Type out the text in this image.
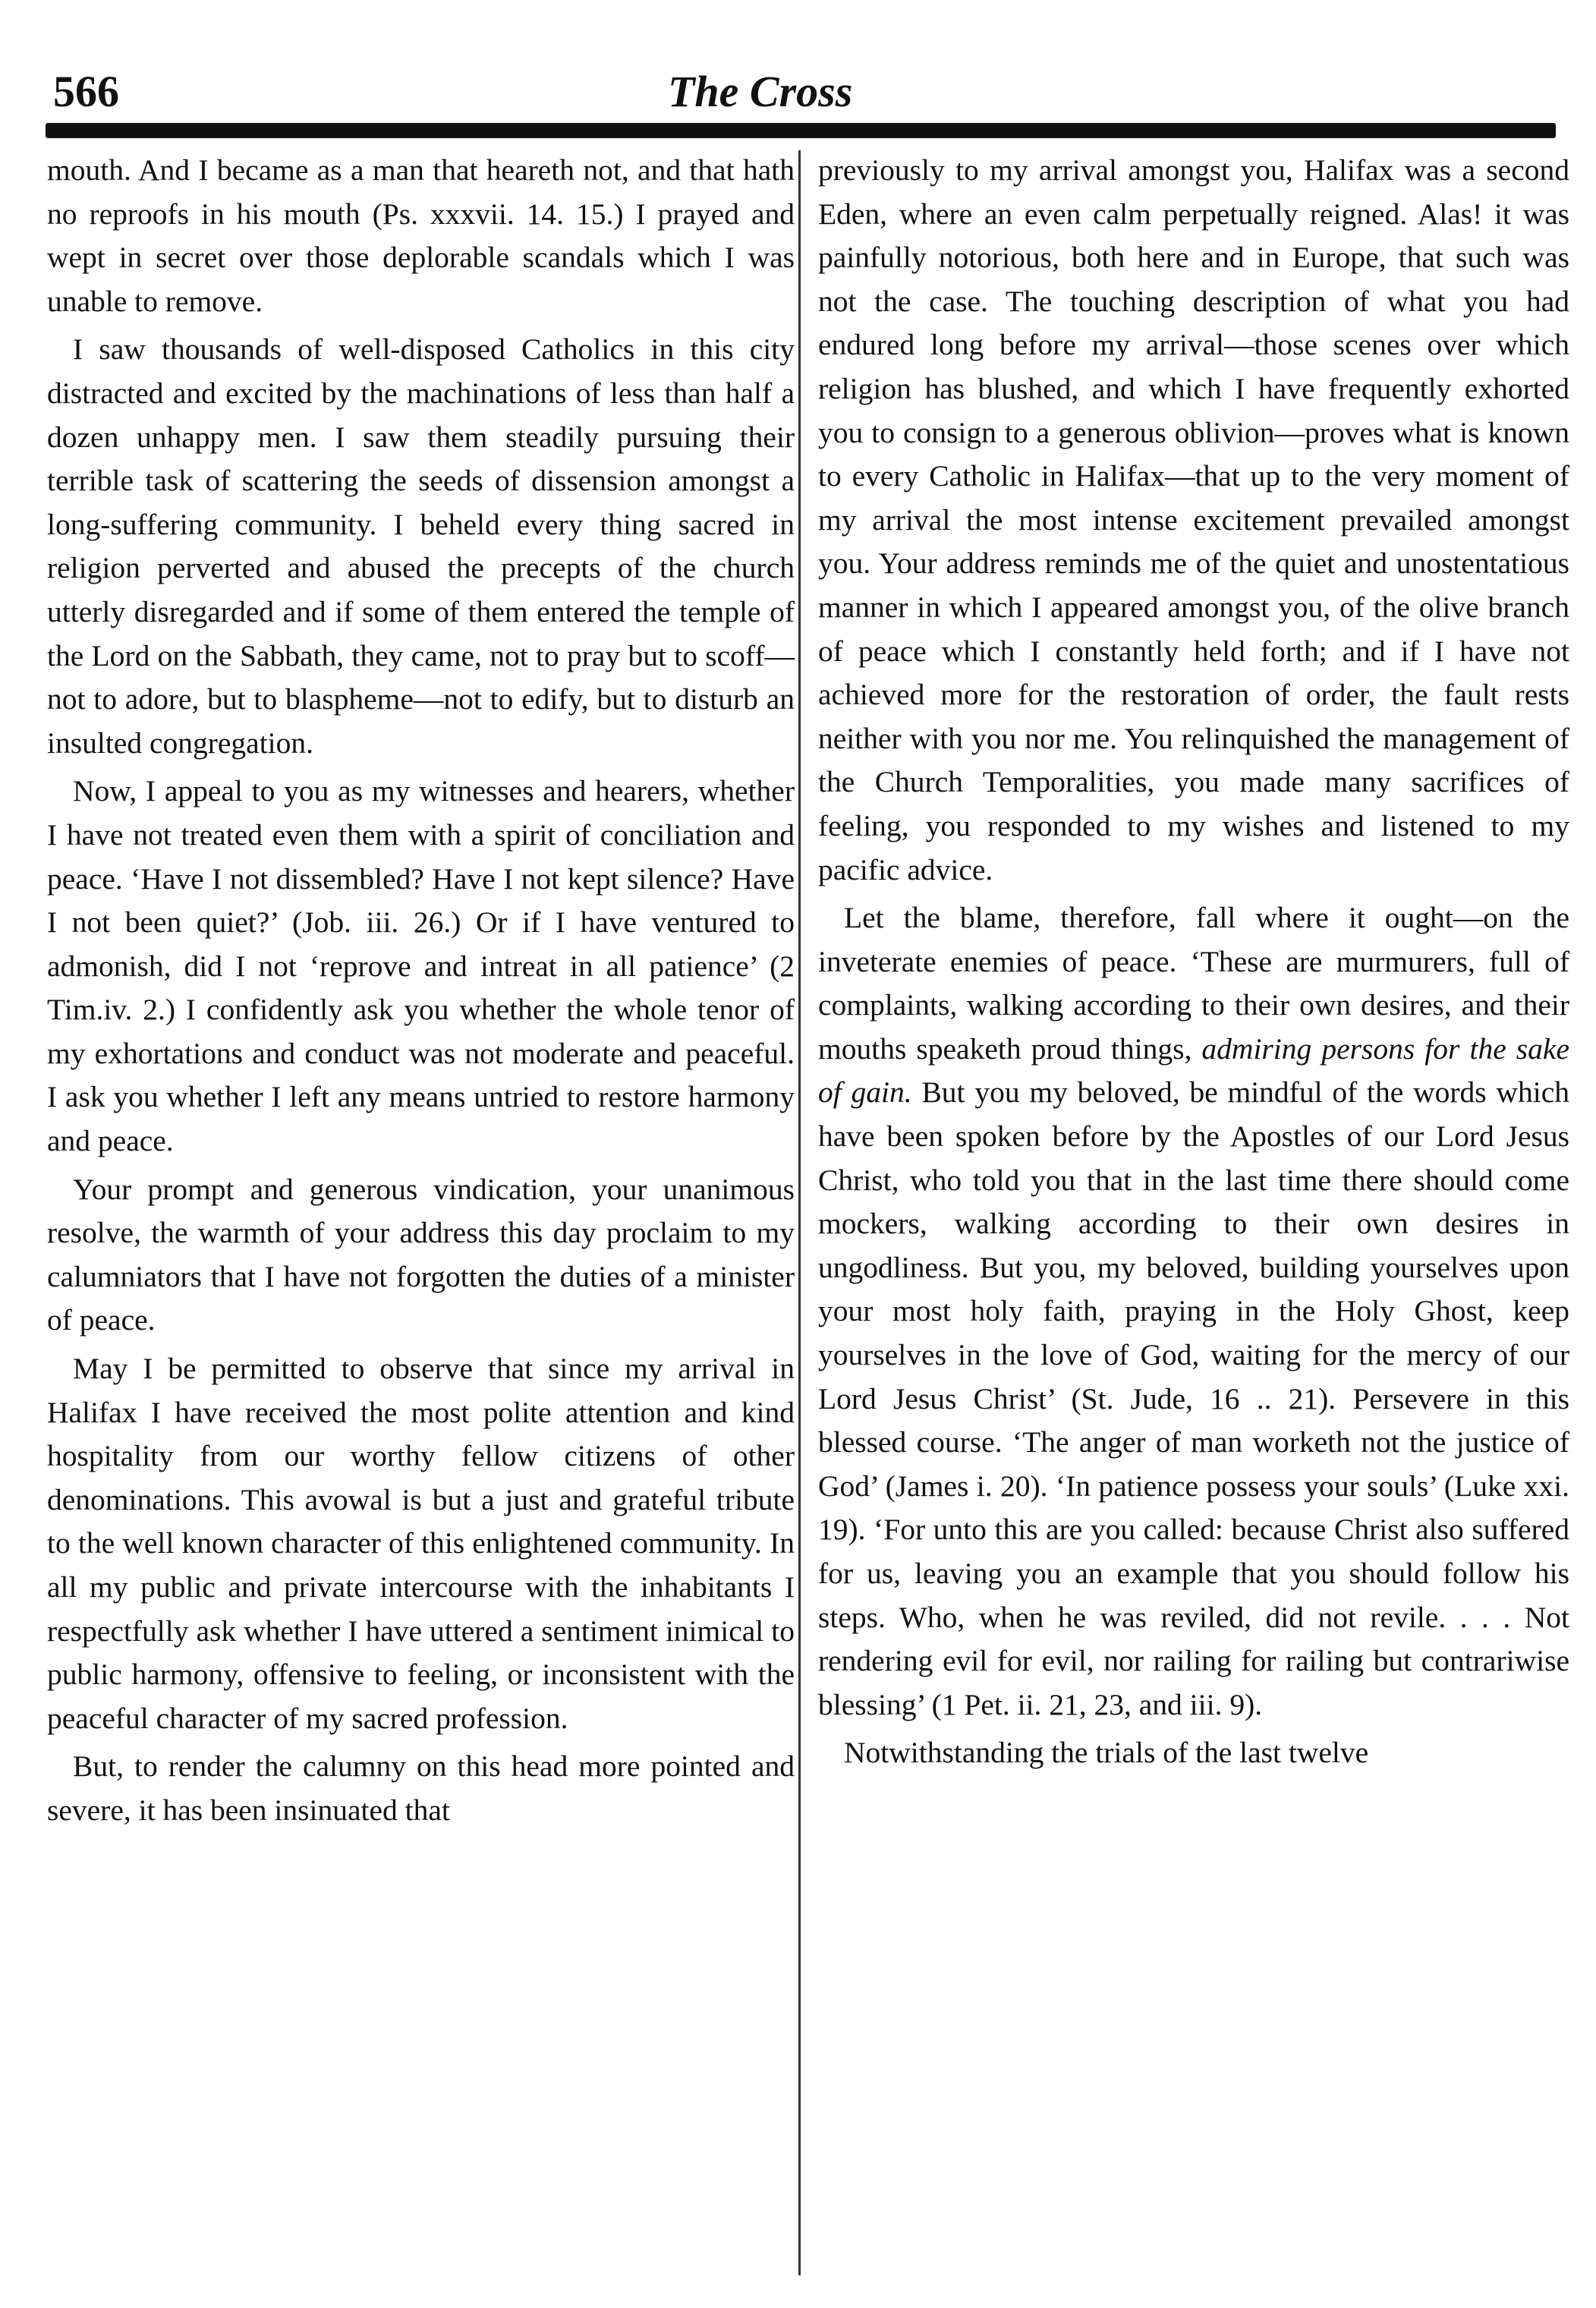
566	The Cross

mouth. And I became as a man that heareth not, and that hath no reproofs in his mouth (Ps. xxxvii. 14. 15.) I prayed and wept in secret over those deplorable scandals which I was unable to remove.

I saw thousands of well-disposed Catholics in this city distracted and excited by the machinations of less than half a dozen unhappy men. I saw them steadily pursuing their terrible task of scattering the seeds of dissension amongst a long-suffering community. I beheld every thing sacred in religion perverted and abused the precepts of the church utterly disregarded and if some of them entered the temple of the Lord on the Sabbath, they came, not to pray but to scoff—not to adore, but to blaspheme—not to edify, but to disturb an insulted congregation.

Now, I appeal to you as my witnesses and hearers, whether I have not treated even them with a spirit of conciliation and peace. ‘Have I not dissembled? Have I not kept silence? Have I not been quiet?’ (Job. iii. 26.) Or if I have ventured to admonish, did I not ‘reprove and intreat in all patience’ (2 Tim.iv. 2.) I confidently ask you whether the whole tenor of my exhortations and conduct was not moderate and peaceful. I ask you whether I left any means untried to restore harmony and peace.

Your prompt and generous vindication, your unanimous resolve, the warmth of your address this day proclaim to my calumniators that I have not forgotten the duties of a minister of peace.

May I be permitted to observe that since my arrival in Halifax I have received the most polite attention and kind hospitality from our worthy fellow citizens of other denominations. This avowal is but a just and grateful tribute to the well known character of this enlightened community. In all my public and private intercourse with the inhabitants I respectfully ask whether I have uttered a sentiment inimical to public harmony, offensive to feeling, or inconsistent with the peaceful character of my sacred profession.

But, to render the calumny on this head more pointed and severe, it has been insinuated that

previously to my arrival amongst you, Halifax was a second Eden, where an even calm perpetually reigned. Alas! it was painfully notorious, both here and in Europe, that such was not the case. The touching description of what you had endured long before my arrival—those scenes over which religion has blushed, and which I have frequently exhorted you to consign to a generous oblivion—proves what is known to every Catholic in Halifax—that up to the very moment of my arrival the most intense excitement prevailed amongst you. Your address reminds me of the quiet and unostentatious manner in which I appeared amongst you, of the olive branch of peace which I constantly held forth; and if I have not achieved more for the restoration of order, the fault rests neither with you nor me. You relinquished the management of the Church Temporalities, you made many sacrifices of feeling, you responded to my wishes and listened to my pacific advice.

Let the blame, therefore, fall where it ought—on the inveterate enemies of peace. ‘These are murmurers, full of complaints, walking according to their own desires, and their mouths speaketh proud things, admiring persons for the sake of gain. But you my beloved, be mindful of the words which have been spoken before by the Apostles of our Lord Jesus Christ, who told you that in the last time there should come mockers, walking according to their own desires in ungodliness. But you, my beloved, building yourselves upon your most holy faith, praying in the Holy Ghost, keep yourselves in the love of God, waiting for the mercy of our Lord Jesus Christ’ (St. Jude, 16 .. 21). Persevere in this blessed course. ‘The anger of man worketh not the justice of God’ (James i. 20). ‘In patience possess your souls’ (Luke xxi. 19). ‘For unto this are you called: because Christ also suffered for us, leaving you an example that you should follow his steps. Who, when he was reviled, did not revile. . . . Not rendering evil for evil, nor railing for railing but contrariwise blessing’ (1 Pet. ii. 21, 23, and iii. 9).

Notwithstanding the trials of the last twelve
